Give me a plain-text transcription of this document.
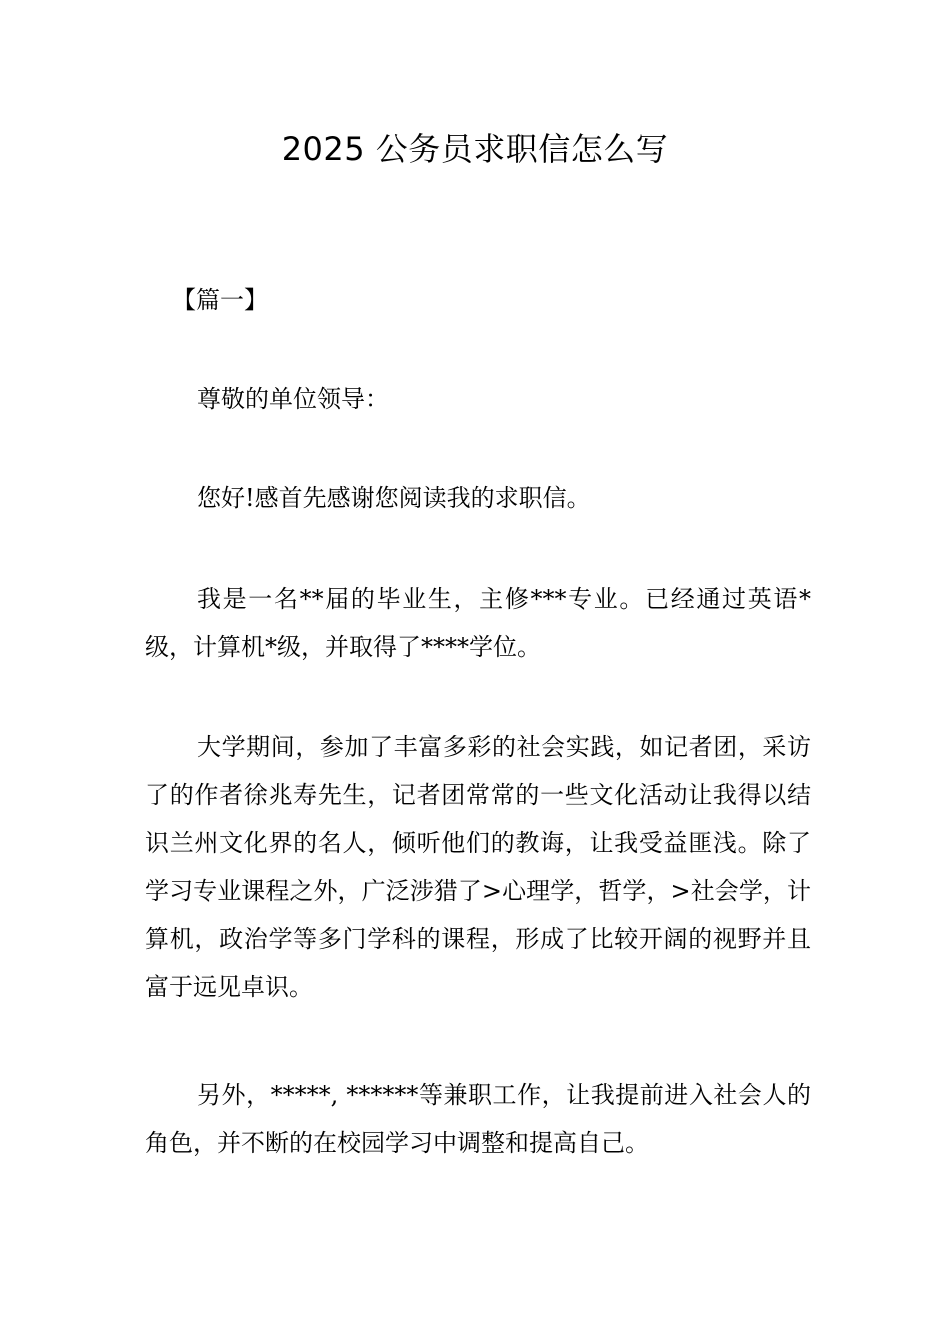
2025 公务员求职信怎么写
【篇一】

尊敬的单位领导：

您好!感首先感谢您阅读我的求职信。

我是一名**届的毕业生，主修***专业。已经通过英语*级，计算机*级，并取得了****学位。

大学期间，参加了丰富多彩的社会实践，如记者团，采访了的作者徐兆寿先生，记者团常常的一些文化活动让我得以结识兰州文化界的名人，倾听他们的教诲，让我受益匪浅。除了学习专业课程之外，广泛涉猎了>心理学，哲学，>社会学，计算机，政治学等多门学科的课程，形成了比较开阔的视野并且富于远见卓识。

另外，*****, ******等兼职工作，让我提前进入社会人的角色，并不断的在校园学习中调整和提高自己。
